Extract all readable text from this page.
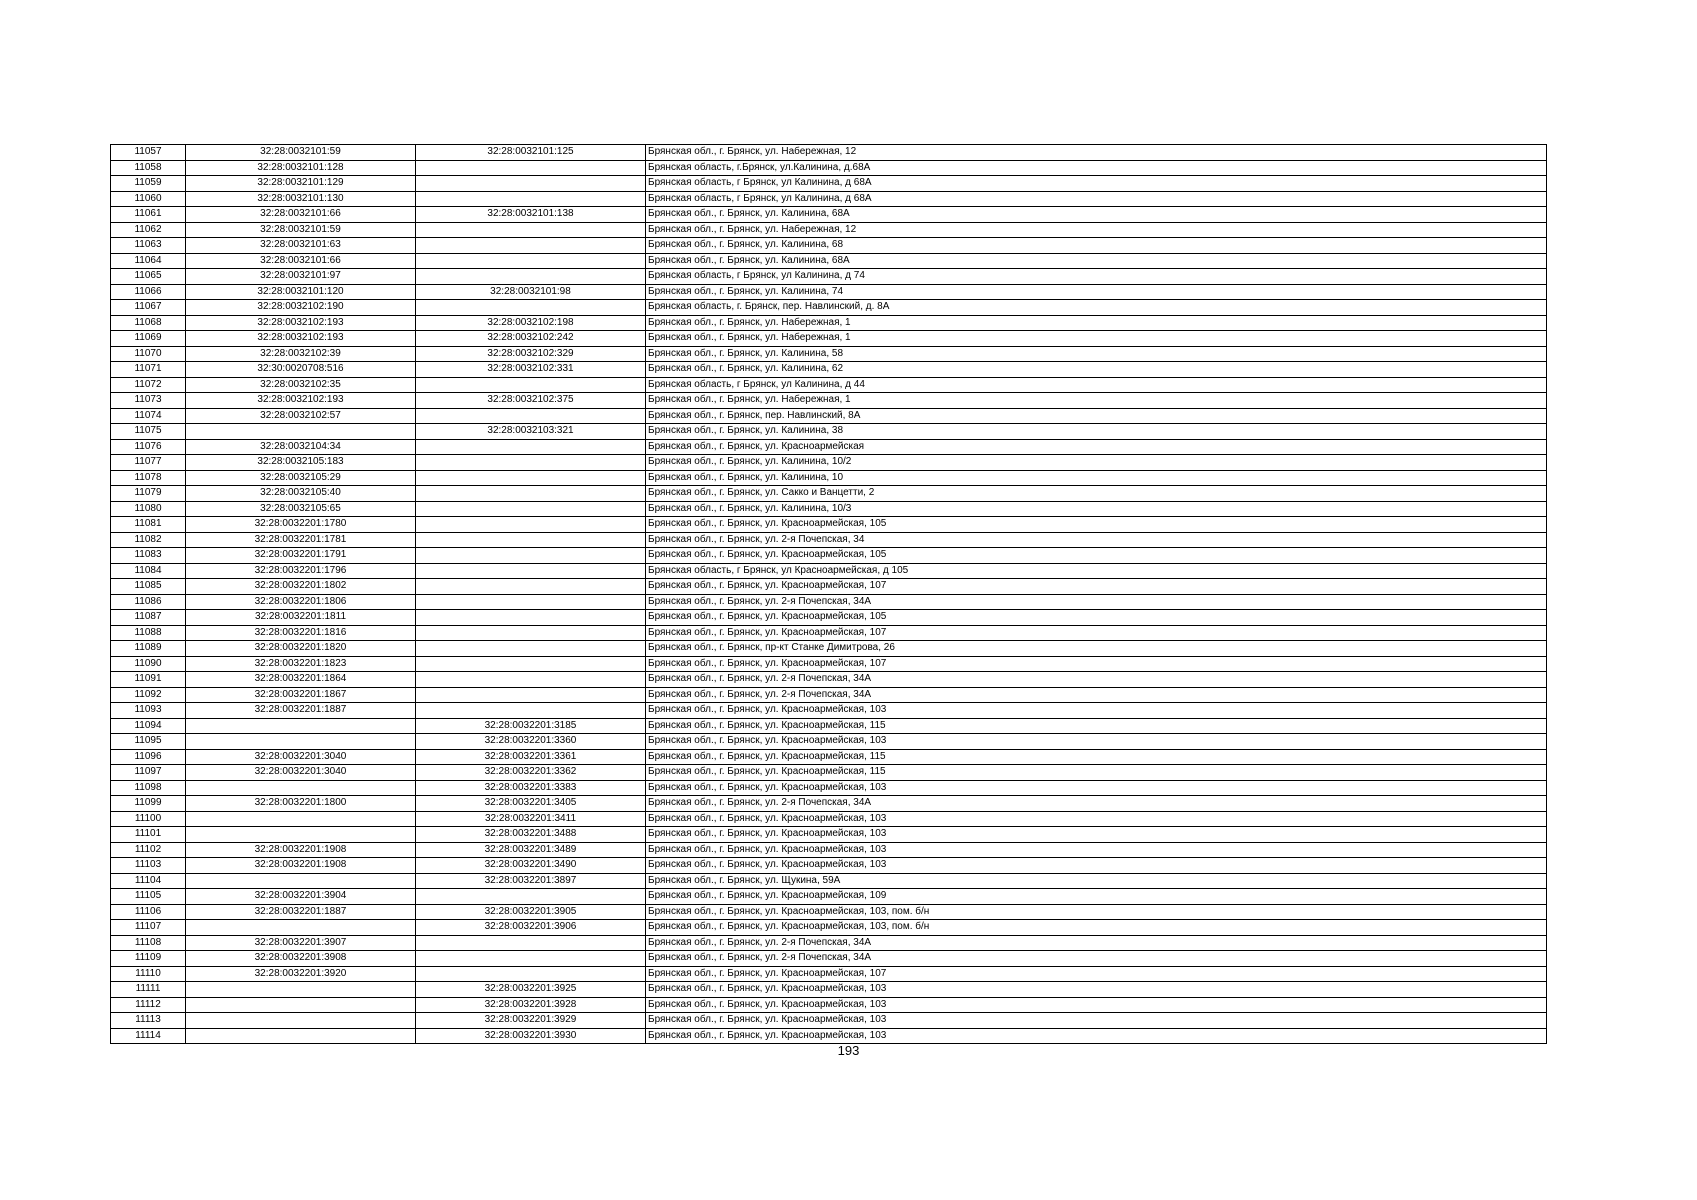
11057	32:28:0032101:59	32:28:0032101:125	Брянская обл., г. Брянск, ул. Набережная, 12
11058	32:28:0032101:128		Брянская область, г.Брянск, ул.Калинина, д.68А
11059	32:28:0032101:129		Брянская область, г Брянск, ул Калинина, д 68А
11060	32:28:0032101:130		Брянская область, г Брянск, ул Калинина, д 68А
11061	32:28:0032101:66	32:28:0032101:138	Брянская обл., г. Брянск, ул. Калинина, 68А
11062	32:28:0032101:59		Брянская обл., г. Брянск, ул. Набережная, 12
11063	32:28:0032101:63		Брянская обл., г. Брянск, ул. Калинина, 68
11064	32:28:0032101:66		Брянская обл., г. Брянск, ул. Калинина, 68А
11065	32:28:0032101:97		Брянская область, г Брянск, ул Калинина, д 74
11066	32:28:0032101:120	32:28:0032101:98	Брянская обл., г. Брянск, ул. Калинина, 74
11067	32:28:0032102:190		Брянская область, г. Брянск, пер. Навлинский, д. 8А
11068	32:28:0032102:193	32:28:0032102:198	Брянская обл., г. Брянск, ул. Набережная, 1
11069	32:28:0032102:193	32:28:0032102:242	Брянская обл., г. Брянск, ул. Набережная, 1
11070	32:28:0032102:39	32:28:0032102:329	Брянская обл., г. Брянск, ул. Калинина, 58
11071	32:30:0020708:516	32:28:0032102:331	Брянская обл., г. Брянск, ул. Калинина, 62
11072	32:28:0032102:35		Брянская область, г Брянск, ул Калинина, д 44
11073	32:28:0032102:193	32:28:0032102:375	Брянская обл., г. Брянск, ул. Набережная, 1
11074	32:28:0032102:57		Брянская обл., г. Брянск, пер. Навлинский, 8А
11075		32:28:0032103:321	Брянская обл., г. Брянск, ул. Калинина, 38
11076	32:28:0032104:34		Брянская обл., г. Брянск, ул. Красноармейская
11077	32:28:0032105:183		Брянская обл., г. Брянск, ул. Калинина, 10/2
11078	32:28:0032105:29		Брянская обл., г. Брянск, ул. Калинина, 10
11079	32:28:0032105:40		Брянская обл., г. Брянск, ул. Сакко и Ванцетти, 2
11080	32:28:0032105:65		Брянская обл., г. Брянск, ул. Калинина, 10/3
11081	32:28:0032201:1780		Брянская обл., г. Брянск, ул. Красноармейская, 105
11082	32:28:0032201:1781		Брянская обл., г. Брянск, ул. 2-я Почепская, 34
11083	32:28:0032201:1791		Брянская обл., г. Брянск, ул. Красноармейская, 105
11084	32:28:0032201:1796		Брянская область, г Брянск, ул Красноармейская, д 105
11085	32:28:0032201:1802		Брянская обл., г. Брянск, ул. Красноармейская, 107
11086	32:28:0032201:1806		Брянская обл., г. Брянск, ул. 2-я Почепская, 34А
11087	32:28:0032201:1811		Брянская обл., г. Брянск, ул. Красноармейская, 105
11088	32:28:0032201:1816		Брянская обл., г. Брянск, ул. Красноармейская, 107
11089	32:28:0032201:1820		Брянская обл., г. Брянск, пр-кт Станке Димитрова, 26
11090	32:28:0032201:1823		Брянская обл., г. Брянск, ул. Красноармейская, 107
11091	32:28:0032201:1864		Брянская обл., г. Брянск, ул. 2-я Почепская, 34А
11092	32:28:0032201:1867		Брянская обл., г. Брянск, ул. 2-я Почепская, 34А
11093	32:28:0032201:1887		Брянская обл., г. Брянск, ул. Красноармейская, 103
11094		32:28:0032201:3185	Брянская обл., г. Брянск, ул. Красноармейская, 115
11095		32:28:0032201:3360	Брянская обл., г. Брянск, ул. Красноармейская, 103
11096	32:28:0032201:3040	32:28:0032201:3361	Брянская обл., г. Брянск, ул. Красноармейская, 115
11097	32:28:0032201:3040	32:28:0032201:3362	Брянская обл., г. Брянск, ул. Красноармейская, 115
11098		32:28:0032201:3383	Брянская обл., г. Брянск, ул. Красноармейская, 103
11099	32:28:0032201:1800	32:28:0032201:3405	Брянская обл., г. Брянск, ул. 2-я Почепская, 34А
11100		32:28:0032201:3411	Брянская обл., г. Брянск, ул. Красноармейская, 103
11101		32:28:0032201:3488	Брянская обл., г. Брянск, ул. Красноармейская, 103
11102	32:28:0032201:1908	32:28:0032201:3489	Брянская обл., г. Брянск, ул. Красноармейская, 103
11103	32:28:0032201:1908	32:28:0032201:3490	Брянская обл., г. Брянск, ул. Красноармейская, 103
11104		32:28:0032201:3897	Брянская обл., г. Брянск, ул. Щукина, 59А
11105	32:28:0032201:3904		Брянская обл., г. Брянск, ул. Красноармейская, 109
11106	32:28:0032201:1887	32:28:0032201:3905	Брянская обл., г. Брянск, ул. Красноармейская, 103, пом. б/н
11107		32:28:0032201:3906	Брянская обл., г. Брянск, ул. Красноармейская, 103, пом. б/н
11108	32:28:0032201:3907		Брянская обл., г. Брянск, ул. 2-я Почепская, 34А
11109	32:28:0032201:3908		Брянская обл., г. Брянск, ул. 2-я Почепская, 34А
11110	32:28:0032201:3920		Брянская обл., г. Брянск, ул. Красноармейская, 107
11111		32:28:0032201:3925	Брянская обл., г. Брянск, ул. Красноармейская, 103
11112		32:28:0032201:3928	Брянская обл., г. Брянск, ул. Красноармейская, 103
11113		32:28:0032201:3929	Брянская обл., г. Брянск, ул. Красноармейская, 103
11114		32:28:0032201:3930	Брянская обл., г. Брянск, ул. Красноармейская, 103
193
